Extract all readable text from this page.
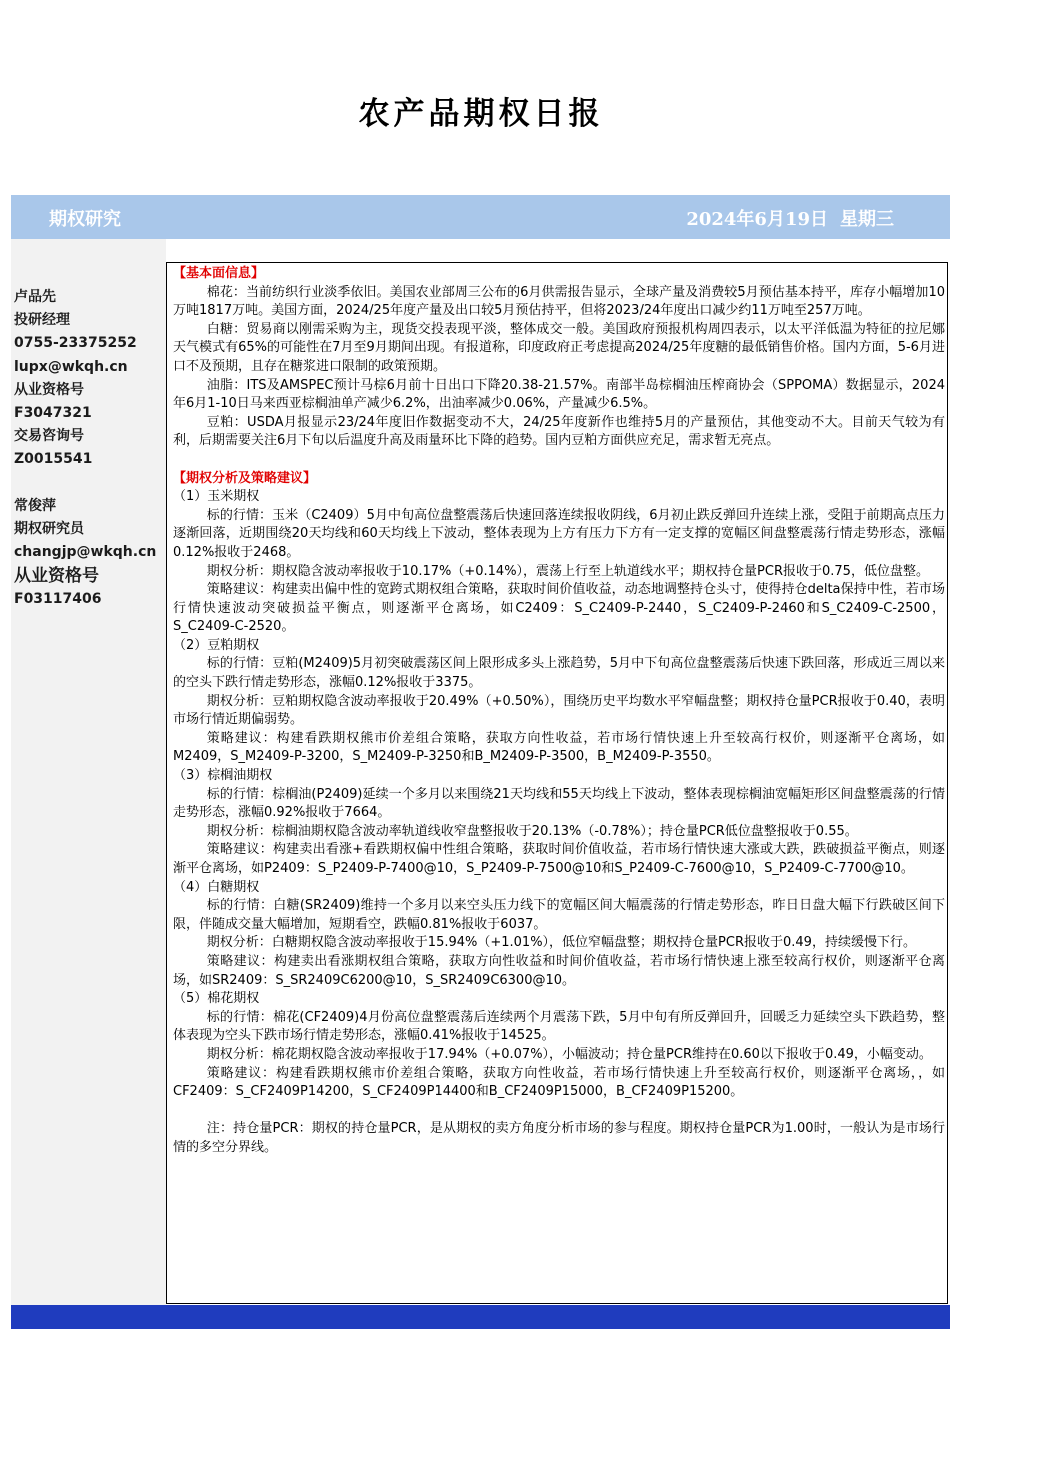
农产品期权日报
期权研究	2024年6月19日 星期三
卢品先
投研经理
0755-23375252
lupx@wkqh.cn
从业资格号
F3047321
交易咨询号
Z0015541
常俊萍
期权研究员
changjp@wkqh.cn
从业资格号
F03117406

【基本面信息】

棉花：当前纺织行业淡季依旧。美国农业部周三公布的6月供需报告显示，全球产量及消费较5月预估基本持平，库存小幅增加10万吨1817万吨。美国方面，2024/25年度产量及出口较5月预估持平，但将2023/24年度出口减少约11万吨至257万吨。

白糖：贸易商以刚需采购为主，现货交投表现平淡，整体成交一般。美国政府预报机构周四表示，以太平洋低温为特征的拉尼娜天气模式有65%的可能性在7月至9月期间出现。有报道称，印度政府正考虑提高2024/25年度糖的最低销售价格。国内方面，5-6月进口不及预期，且存在糖浆进口限制的政策预期。

油脂：ITS及AMSPEC预计马棕6月前十日出口下降20.38-21.57%。南部半岛棕榈油压榨商协会（SPPOMA）数据显示，2024年6月1-10日马来西亚棕榈油单产减少6.2%，出油率减少0.06%，产量减少6.5%。

豆粕：USDA月报显示23/24年度旧作数据变动不大，24/25年度新作也维持5月的产量预估，其他变动不大。目前天气较为有利，后期需要关注6月下旬以后温度升高及雨量环比下降的趋势。国内豆粕方面供应充足，需求暂无亮点。

【期权分析及策略建议】

（1）玉米期权

标的行情：玉米（C2409）5月中旬高位盘整震荡后快速回落连续报收阴线，6月初止跌反弹回升连续上涨，受阻于前期高点压力逐渐回落，近期围绕20天均线和60天均线上下波动，整体表现为上方有压力下方有一定支撑的宽幅区间盘整震荡行情走势形态，涨幅0.12%报收于2468。

期权分析：期权隐含波动率报收于10.17%（+0.14%），震荡上行至上轨道线水平；期权持仓量PCR报收于0.75，低位盘整。

策略建议：构建卖出偏中性的宽跨式期权组合策略，获取时间价值收益，动态地调整持仓头寸，使得持仓delta保持中性，若市场行情快速波动突破损益平衡点，则逐渐平仓离场，如C2409：S_C2409-P-2440，S_C2409-P-2460和S_C2409-C-2500，S_C2409-C-2520。

（2）豆粕期权

标的行情：豆粕(M2409)5月初突破震荡区间上限形成多头上涨趋势，5月中下旬高位盘整震荡后快速下跌回落，形成近三周以来的空头下跌行情走势形态，涨幅0.12%报收于3375。

期权分析：豆粕期权隐含波动率报收于20.49%（+0.50%），围绕历史平均数水平窄幅盘整；期权持仓量PCR报收于0.40，表明市场行情近期偏弱势。

策略建议：构建看跌期权熊市价差组合策略，获取方向性收益，若市场行情快速上升至较高行权价，则逐渐平仓离场，如M2409，S_M2409-P-3200，S_M2409-P-3250和B_M2409-P-3500，B_M2409-P-3550。

（3）棕榈油期权

标的行情：棕榈油(P2409)延续一个多月以来围绕21天均线和55天均线上下波动，整体表现棕榈油宽幅矩形区间盘整震荡的行情走势形态，涨幅0.92%报收于7664。

期权分析：棕榈油期权隐含波动率轨道线收窄盘整报收于20.13%（-0.78%）；持仓量PCR低位盘整报收于0.55。

策略建议：构建卖出看涨+看跌期权偏中性组合策略，获取时间价值收益，若市场行情快速大涨或大跌，跌破损益平衡点，则逐渐平仓离场，如P2409：S_P2409-P-7400@10，S_P2409-P-7500@10和S_P2409-C-7600@10，S_P2409-C-7700@10。

（4）白糖期权

标的行情：白糖(SR2409)维持一个多月以来空头压力线下的宽幅区间大幅震荡的行情走势形态，昨日日盘大幅下行跌破区间下限，伴随成交量大幅增加，短期看空，跌幅0.81%报收于6037。

期权分析：白糖期权隐含波动率报收于15.94%（+1.01%），低位窄幅盘整；期权持仓量PCR报收于0.49，持续缓慢下行。

策略建议：构建卖出看涨期权组合策略，获取方向性收益和时间价值收益，若市场行情快速上涨至较高行权价，则逐渐平仓离场，如SR2409：S_SR2409C6200@10，S_SR2409C6300@10。

（5）棉花期权

标的行情：棉花(CF2409)4月份高位盘整震荡后连续两个月震荡下跌，5月中旬有所反弹回升，回暖乏力延续空头下跌趋势，整体表现为空头下跌市场行情走势形态，涨幅0.41%报收于14525。

期权分析：棉花期权隐含波动率报收于17.94%（+0.07%），小幅波动；持仓量PCR维持在0.60以下报收于0.49，小幅变动。

策略建议：构建看跌期权熊市价差组合策略，获取方向性收益，若市场行情快速上升至较高行权价，则逐渐平仓离场，，如CF2409：S_CF2409P14200，S_CF2409P14400和B_CF2409P15000，B_CF2409P15200。

注：持仓量PCR：期权的持仓量PCR，是从期权的卖方角度分析市场的参与程度。期权持仓量PCR为1.00时，一般认为是市场行情的多空分界线。
